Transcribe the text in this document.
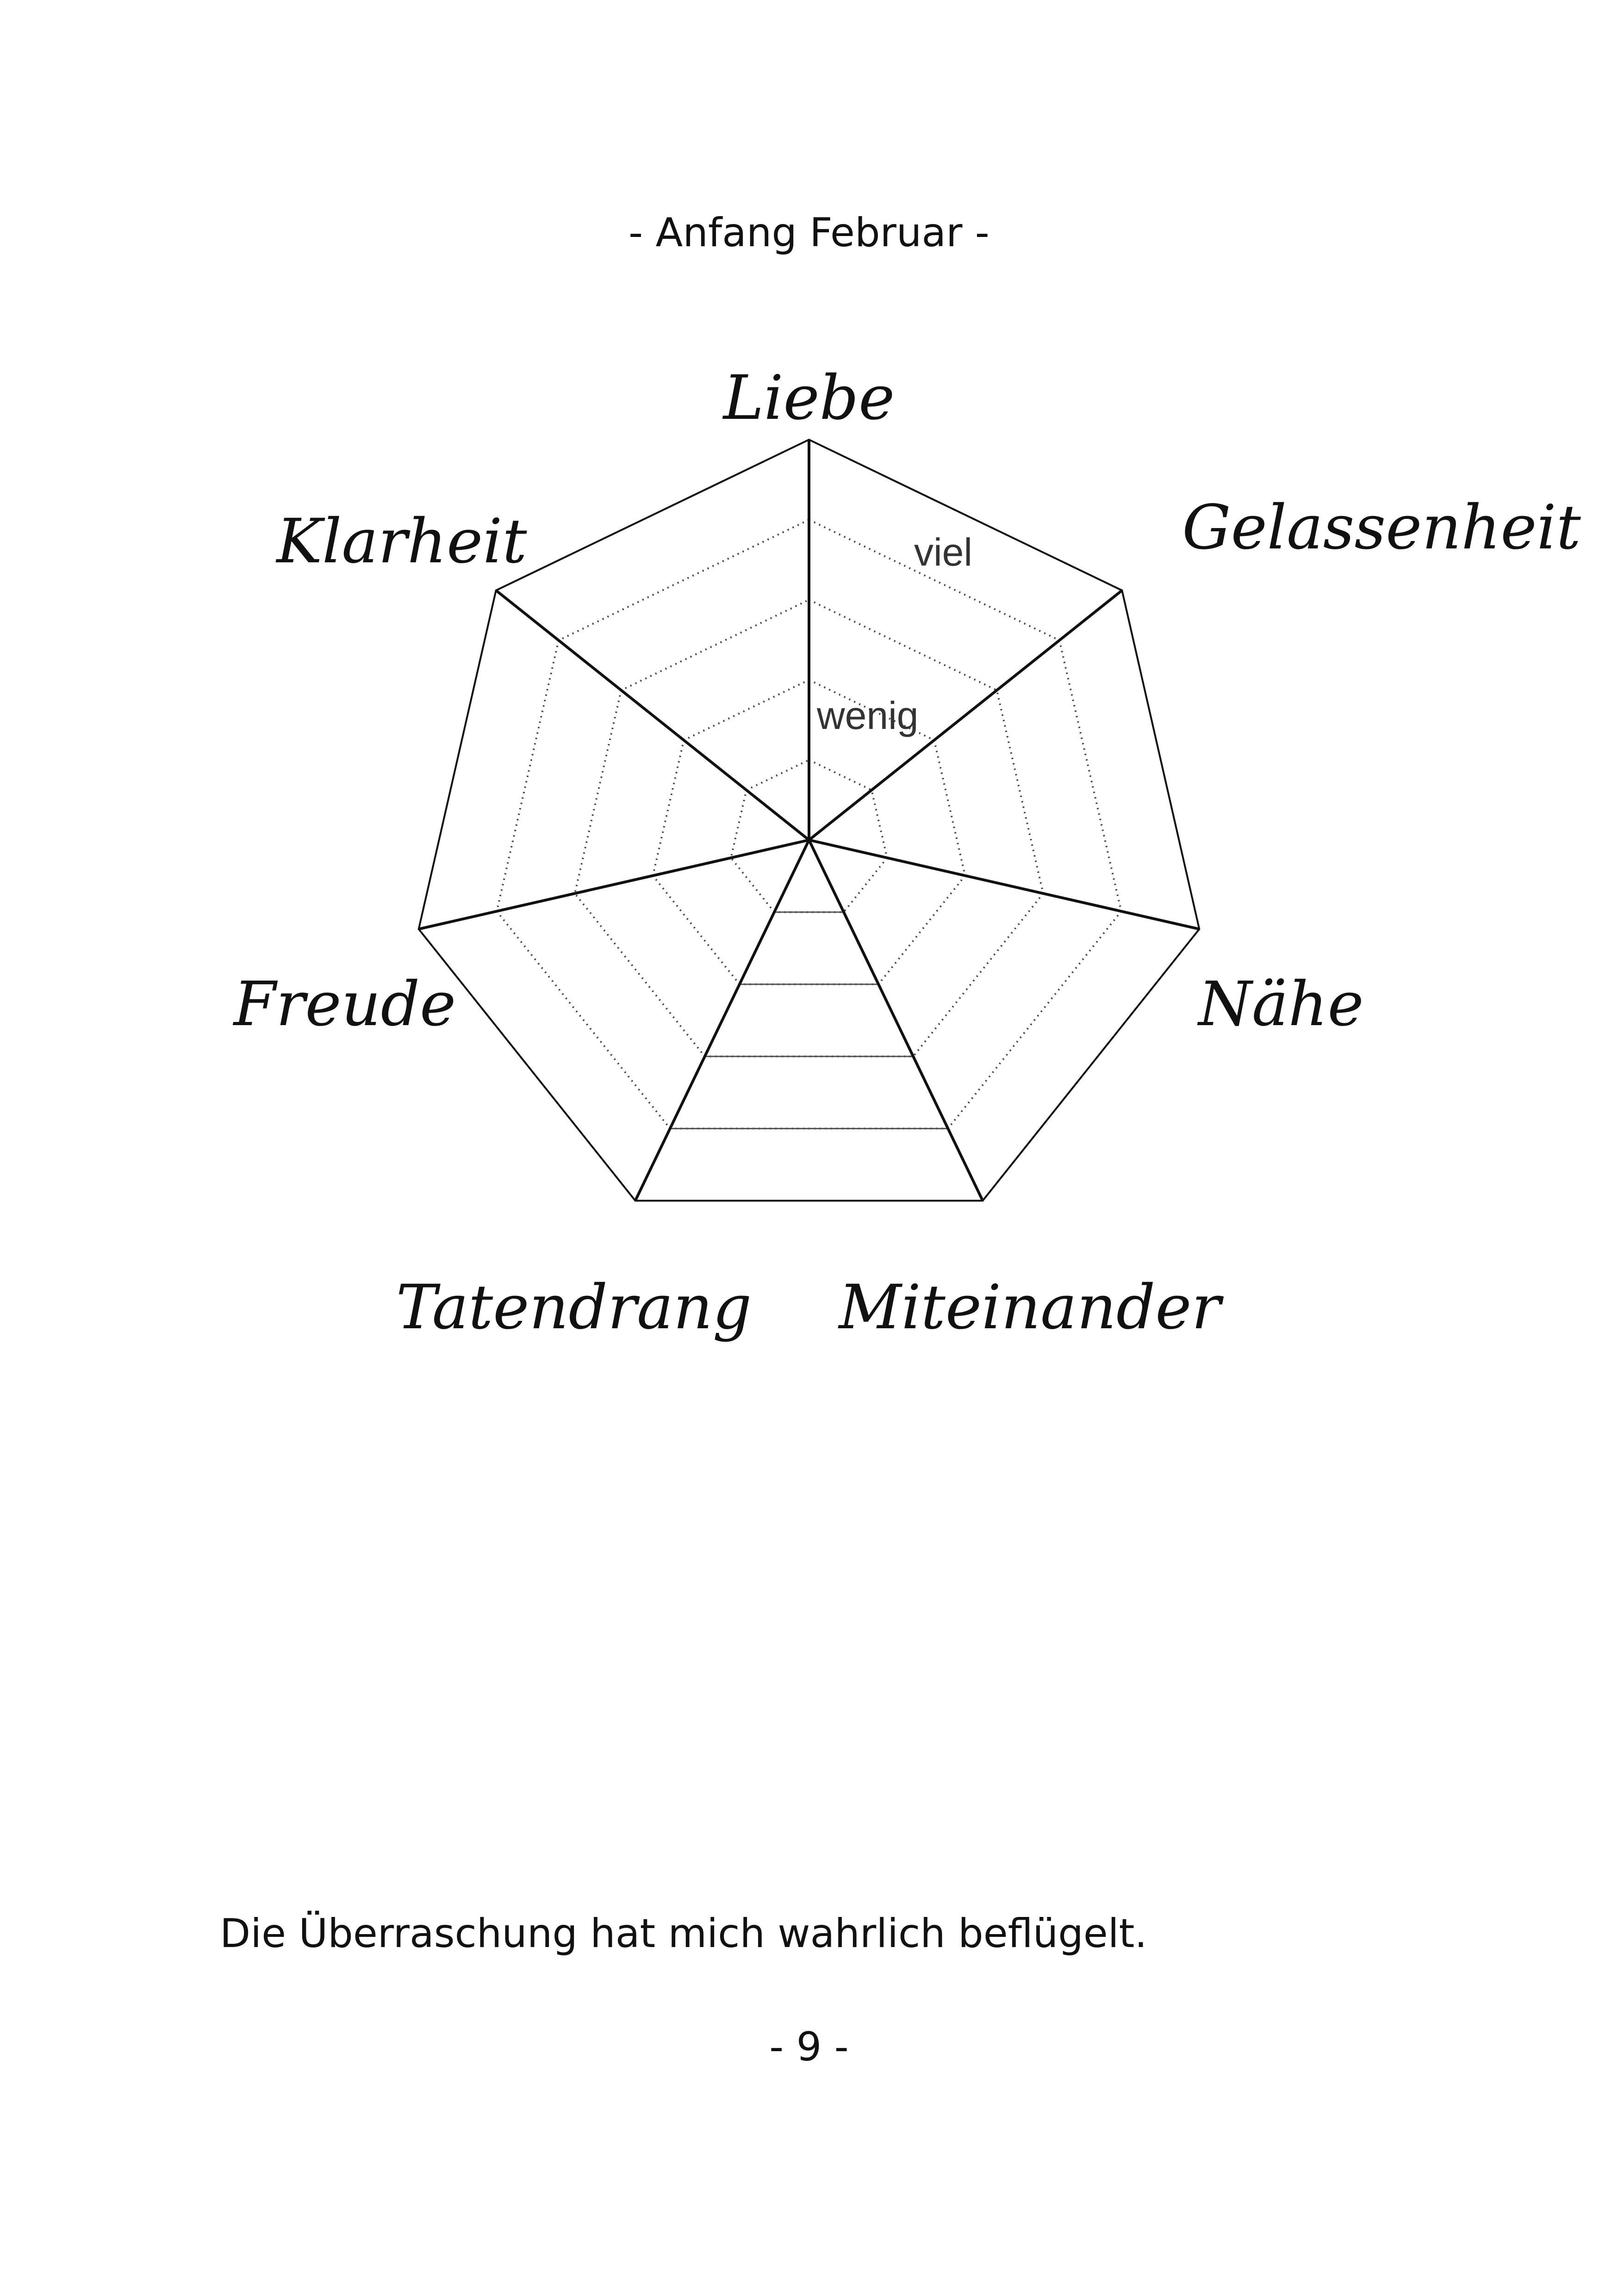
- Anfang Februar -
Liebe
Gelassenheit
Nähe
Miteinander
Tatendrang
Freude
Klarheit
wenig
viel
Die Überraschung hat mich wahrlich beflügelt.
- 9 -
